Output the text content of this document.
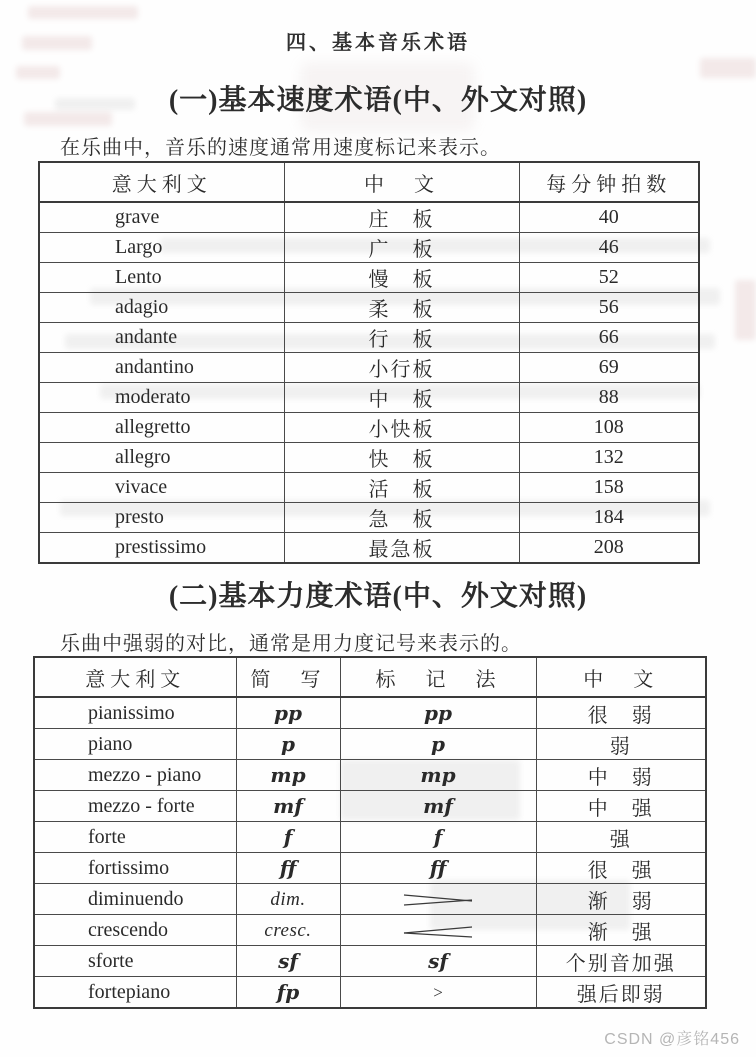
四、基本音乐术语
(一)基本速度术语(中、外文对照)
在乐曲中，音乐的速度通常用速度标记来表示。
意大利文	中　文	每分钟拍数
grave	庄　板	40
Largo	广　板	46
Lento	慢　板	52
adagio	柔　板	56
andante	行　板	66
andantino	小行板	69
moderato	中　板	88
allegretto	小快板	108
allegro	快　板	132
vivace	活　板	158
presto	急　板	184
prestissimo	最急板	208
(二)基本力度术语(中、外文对照)
乐曲中强弱的对比，通常是用力度记号来表示的。
意大利文	简　写	标　记　法	中　文
pianissimo	pp	pp	很　弱
piano	p	p	弱
mezzo - piano	mp	mp	中　弱
mezzo - forte	mf	mf	中　强
forte	f	f	强
fortissimo	ff	ff	很　强
diminuendo	dim.		渐　弱
crescendo	cresc.		渐　强
sforte	sf	sf	个别音加强
fortepiano	fp	>	强后即弱
CSDN @彦铭456
